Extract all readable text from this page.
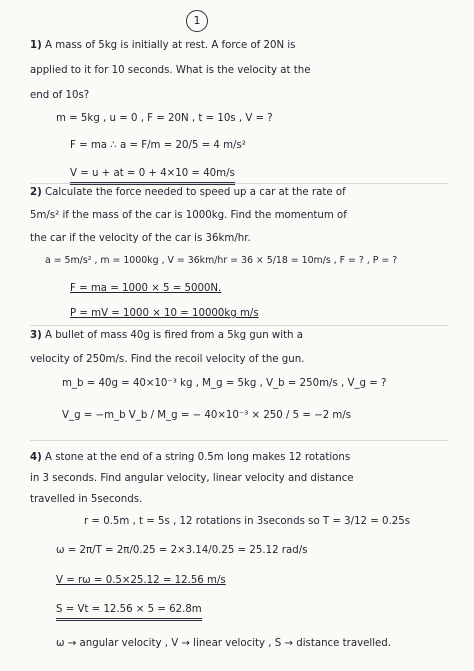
1
1) A mass of 5kg is initially at rest. A force of 20N is
applied to it for 10 seconds. What is the velocity at the
end of 10s?
m = 5kg , u = 0 , F = 20N , t = 10s , V = ?
F = ma ∴ a = F/m = 20/5 = 4 m/s²
V = u + at = 0 + 4×10 = 40m/s
2) Calculate the force needed to speed up a car at the rate of
5m/s² if the mass of the car is 1000kg. Find the momentum of
the car if the velocity of the car is 36km/hr.
a = 5m/s² , m = 1000kg , V = 36km/hr = 36 × 5/18 = 10m/s , F = ? , P = ?
F = ma = 1000 × 5 = 5000N.
P = mV = 1000 × 10 = 10000kg m/s
3) A bullet of mass 40g is fired from a 5kg gun with a
velocity of 250m/s. Find the recoil velocity of the gun.
m_b = 40g = 40×10⁻³ kg , M_g = 5kg , V_b = 250m/s , V_g = ?
V_g = −m_b V_b / M_g = − 40×10⁻³ × 250 / 5 = −2 m/s
4) A stone at the end of a string 0.5m long makes 12 rotations
in 3 seconds. Find angular velocity, linear velocity and distance
travelled in 5seconds.
r = 0.5m , t = 5s , 12 rotations in 3seconds so T = 3/12 = 0.25s
ω = 2π/T = 2π/0.25 = 2×3.14/0.25 = 25.12 rad/s
V = rω = 0.5×25.12 = 12.56 m/s
S = Vt = 12.56 × 5 = 62.8m
ω → angular velocity , V → linear velocity , S → distance travelled.
